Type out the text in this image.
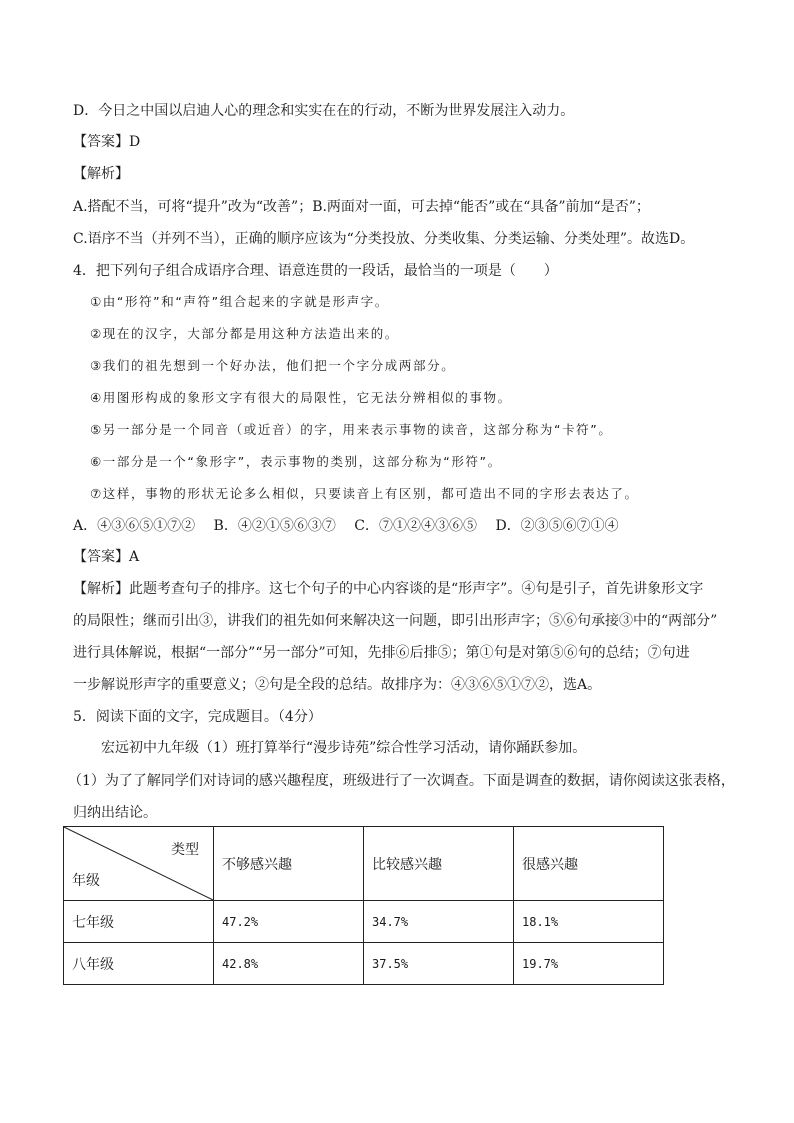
D．今日之中国以启迪人心的理念和实实在在的行动，不断为世界发展注入动力。
【答案】D
【解析】
A.搭配不当，可将“提升”改为“改善”；B.两面对一面，可去掉“能否”或在“具备”前加“是否”；
C.语序不当（并列不当），正确的顺序应该为“分类投放、分类收集、分类运输、分类处理”。故选D。
4．把下列句子组合成语序合理、语意连贯的一段话，最恰当的一项是（　　）
①由“形符”和“声符”组合起来的字就是形声字。
②现在的汉字，大部分都是用这种方法造出来的。
③我们的祖先想到一个好办法，他们把一个字分成两部分。
④用图形构成的象形文字有很大的局限性，它无法分辨相似的事物。
⑤另一部分是一个同音（或近音）的字，用来表示事物的读音，这部分称为“卡符”。
⑥一部分是一个“象形字”，表示事物的类别，这部分称为“形符”。
⑦这样，事物的形状无论多么相似，只要读音上有区别，都可造出不同的字形去表达了。
A．④③⑥⑤①⑦②　 B．④②①⑤⑥③⑦　 C．⑦①②④③⑥⑤　 D．②③⑤⑥⑦①④
【答案】A
【解析】此题考查句子的排序。这七个句子的中心内容谈的是“形声字”。④句是引子，首先讲象形文字
的局限性；继而引出③，讲我们的祖先如何来解决这一问题，即引出形声字；⑤⑥句承接③中的“两部分”
进行具体解说，根据“一部分”“另一部分”可知，先排⑥后排⑤；第①句是对第⑤⑥句的总结；⑦句进
一步解说形声字的重要意义；②句是全段的总结。故排序为：④③⑥⑤①⑦②，选A。
5．阅读下面的文字，完成题目。（4分）
宏远初中九年级（1）班打算举行“漫步诗苑”综合性学习活动，请你踊跃参加。
（1）为了了解同学们对诗词的感兴趣程度，班级进行了一次调查。下面是调查的数据，请你阅读这张表格，
归纳出结论。
类型
年级	不够感兴趣	比较感兴趣	很感兴趣
七年级	47.2%	34.7%	18.1%
八年级	42.8%	37.5%	19.7%
